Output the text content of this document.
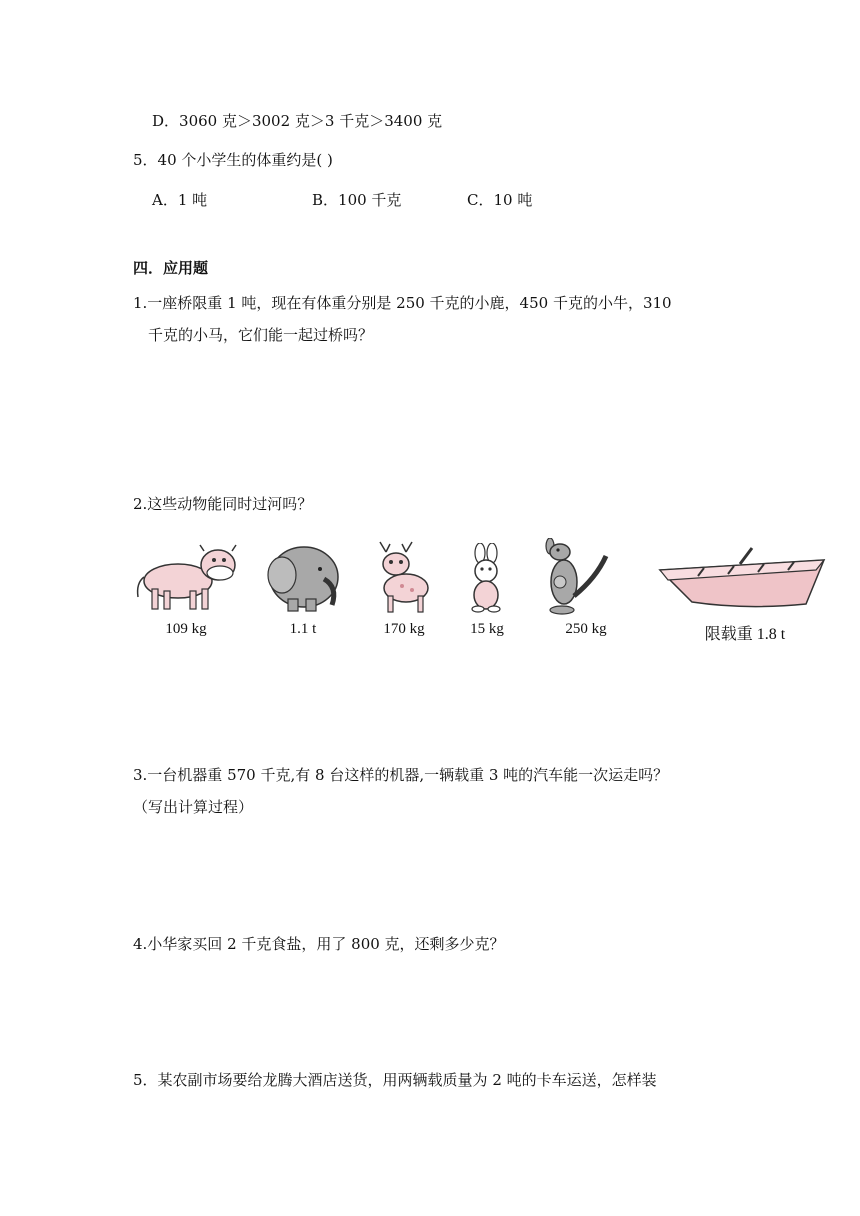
D．3060 克＞3002 克＞3 千克＞3400 克
5．40 个小学生的体重约是( )
A．1 吨	B．100 千克	C．10 吨
四．应用题
1.一座桥限重 1 吨，现在有体重分别是 250 千克的小鹿，450 千克的小牛，310
千克的小马，它们能一起过桥吗？
2.这些动物能同时过河吗？
109 kg	1.1 t	170 kg	15 kg	250 kg	限载重 1.8 t
3.一台机器重 570 千克,有 8 台这样的机器,一辆载重 3 吨的汽车能一次运走吗？
（写出计算过程）
4.小华家买回 2 千克食盐，用了 800 克，还剩多少克？
5．某农副市场要给龙腾大酒店送货，用两辆载质量为 2 吨的卡车运送，怎样装
